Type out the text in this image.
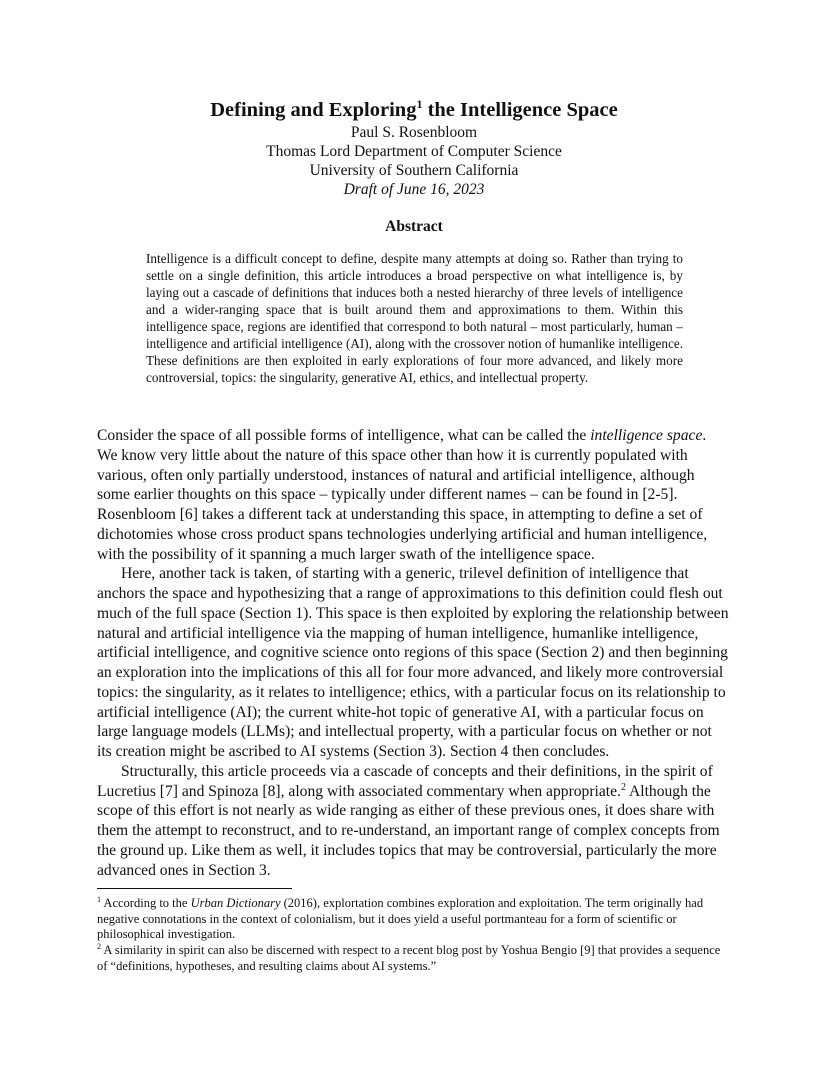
Defining and Exploring$^1$ the Intelligence Space
Paul S. Rosenbloom
Thomas Lord Department of Computer Science
University of Southern California
Draft of June 16, 2023
Abstract

Intelligence is a difficult concept to define, despite many attempts at doing so. Rather than trying to settle on a single definition, this article introduces a broad perspective on what intelligence is, by laying out a cascade of definitions that induces both a nested hierarchy of three levels of intelligence and a wider-ranging space that is built around them and approximations to them. Within this intelligence space, regions are identified that correspond to both natural – most particularly, human – intelligence and artificial intelligence (AI), along with the crossover notion of humanlike intelligence. These definitions are then exploited in early explorations of four more advanced, and likely more controversial, topics: the singularity, generative AI, ethics, and intellectual property.

Consider the space of all possible forms of intelligence, what can be called the intelligence space. We know very little about the nature of this space other than how it is currently populated with various, often only partially understood, instances of natural and artificial intelligence, although some earlier thoughts on this space – typically under different names – can be found in [2-5]. Rosenbloom [6] takes a different tack at understanding this space, in attempting to define a set of dichotomies whose cross product spans technologies underlying artificial and human intelligence, with the possibility of it spanning a much larger swath of the intelligence space.

Here, another tack is taken, of starting with a generic, trilevel definition of intelligence that anchors the space and hypothesizing that a range of approximations to this definition could flesh out much of the full space (Section 1). This space is then exploited by exploring the relationship between natural and artificial intelligence via the mapping of human intelligence, humanlike intelligence, artificial intelligence, and cognitive science onto regions of this space (Section 2) and then beginning an exploration into the implications of this all for four more advanced, and likely more controversial topics: the singularity, as it relates to intelligence; ethics, with a particular focus on its relationship to artificial intelligence (AI); the current white-hot topic of generative AI, with a particular focus on large language models (LLMs); and intellectual property, with a particular focus on whether or not its creation might be ascribed to AI systems (Section 3). Section 4 then concludes.

Structurally, this article proceeds via a cascade of concepts and their definitions, in the spirit of Lucretius [7] and Spinoza [8], along with associated commentary when appropriate.$^2$ Although the scope of this effort is not nearly as wide ranging as either of these previous ones, it does share with them the attempt to reconstruct, and to re-understand, an important range of complex concepts from the ground up. Like them as well, it includes topics that may be controversial, particularly the more advanced ones in Section 3.

$^1$ According to the Urban Dictionary (2016), explortation combines exploration and exploitation. The term originally had negative connotations in the context of colonialism, but it does yield a useful portmanteau for a form of scientific or philosophical investigation.

$^2$ A similarity in spirit can also be discerned with respect to a recent blog post by Yoshua Bengio [9] that provides a sequence of “definitions, hypotheses, and resulting claims about AI systems.”
